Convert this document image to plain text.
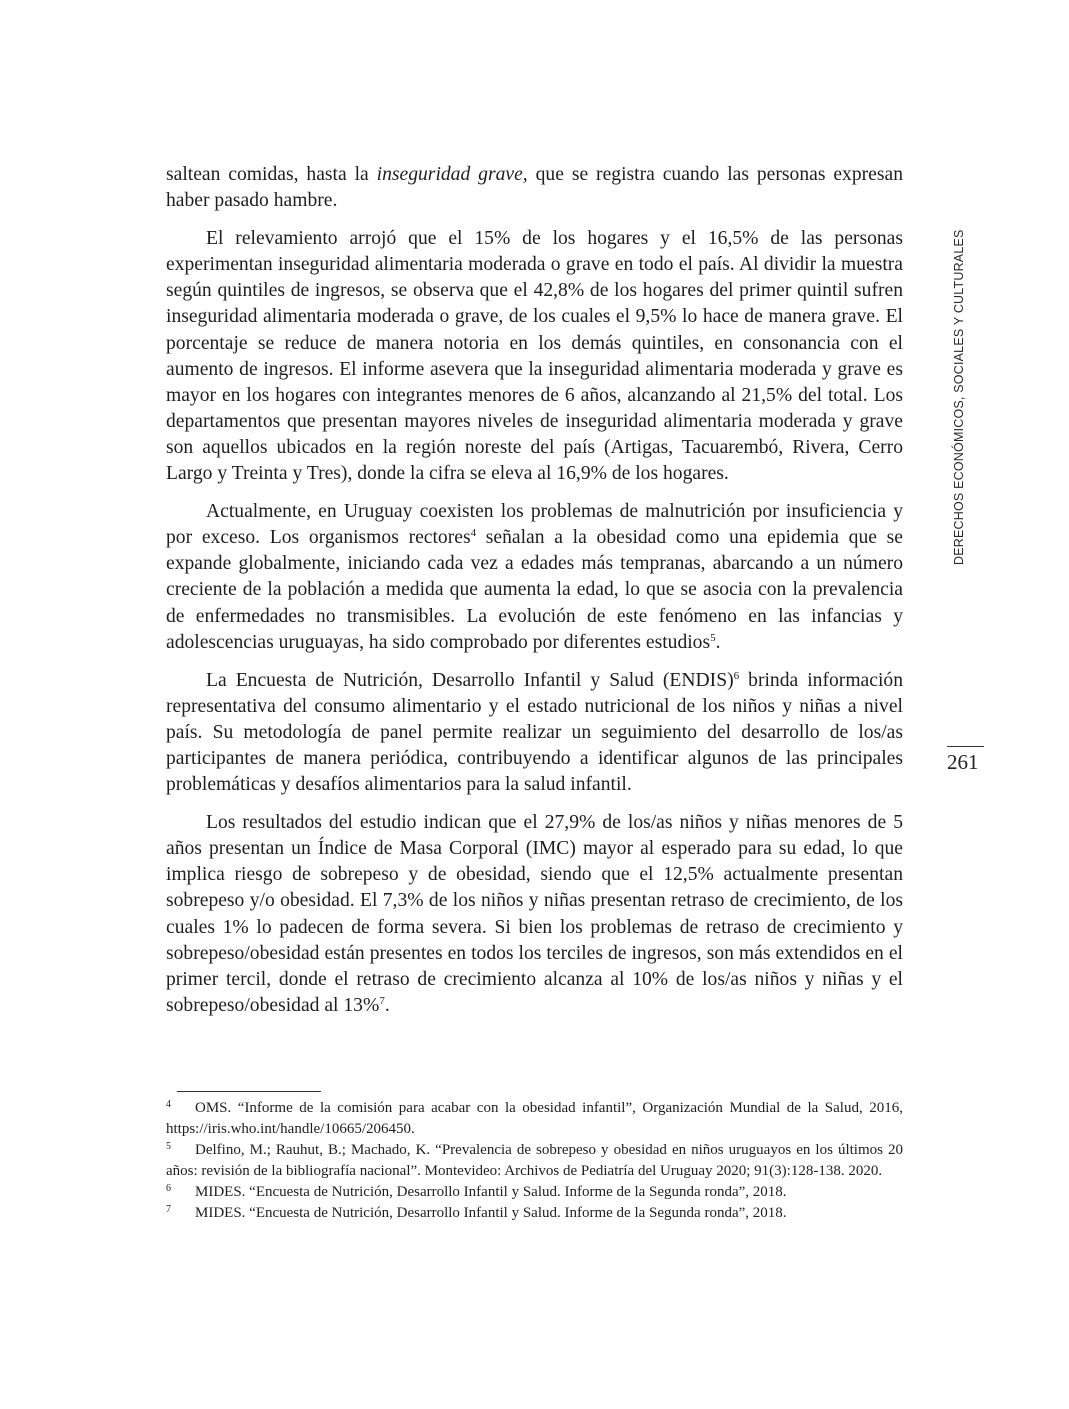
DERECHOS ECONÓMICOS, SOCIALES Y CULTURALES
261

saltean comidas, hasta la inseguridad grave, que se registra cuando las personas expresan haber pasado hambre.

El relevamiento arrojó que el 15% de los hogares y el 16,5% de las personas experimentan inseguridad alimentaria moderada o grave en todo el país. Al dividir la muestra según quintiles de ingresos, se observa que el 42,8% de los hogares del primer quintil sufren inseguridad alimentaria moderada o grave, de los cuales el 9,5% lo hace de manera grave. El porcentaje se reduce de manera notoria en los demás quintiles, en consonancia con el aumento de ingresos. El informe asevera que la inseguridad alimentaria moderada y grave es mayor en los hogares con integrantes menores de 6 años, alcanzando al 21,5% del total. Los departamentos que presentan mayores niveles de inseguridad alimentaria moderada y grave son aquellos ubicados en la región noreste del país (Artigas, Tacuarembó, Rivera, Cerro Largo y Treinta y Tres), donde la cifra se eleva al 16,9% de los hogares.

Actualmente, en Uruguay coexisten los problemas de malnutrición por insuficiencia y por exceso. Los organismos rectores$^4$ señalan a la obesidad como una epidemia que se expande globalmente, iniciando cada vez a edades más tempranas, abarcando a un número creciente de la población a medida que aumenta la edad, lo que se asocia con la prevalencia de enfermedades no transmisibles. La evolución de este fenómeno en las infancias y adolescencias uruguayas, ha sido comprobado por diferentes estudios$^5$.

La Encuesta de Nutrición, Desarrollo Infantil y Salud (ENDIS)$^6$ brinda información representativa del consumo alimentario y el estado nutricional de los niños y niñas a nivel país. Su metodología de panel permite realizar un seguimiento del desarrollo de los/as participantes de manera periódica, contribuyendo a identificar algunos de las principales problemáticas y desafíos alimentarios para la salud infantil.

Los resultados del estudio indican que el 27,9% de los/as niños y niñas menores de 5 años presentan un Índice de Masa Corporal (IMC) mayor al esperado para su edad, lo que implica riesgo de sobrepeso y de obesidad, siendo que el 12,5% actualmente presentan sobrepeso y/o obesidad. El 7,3% de los niños y niñas presentan retraso de crecimiento, de los cuales 1% lo padecen de forma severa. Si bien los problemas de retraso de crecimiento y sobrepeso/obesidad están presentes en todos los terciles de ingresos, son más extendidos en el primer tercil, donde el retraso de crecimiento alcanza al 10% de los/as niños y niñas y el sobrepeso/obesidad al 13%$^7$.

4 OMS. “Informe de la comisión para acabar con la obesidad infantil”, Organización Mundial de la Salud, 2016, https://iris.who.int/handle/10665/206450.

5 Delfino, M.; Rauhut, B.; Machado, K. “Prevalencia de sobrepeso y obesidad en niños uruguayos en los últimos 20 años: revisión de la bibliografía nacional”. Montevideo: Archivos de Pediatría del Uruguay 2020; 91(3):128-138. 2020.

6 MIDES. “Encuesta de Nutrición, Desarrollo Infantil y Salud. Informe de la Segunda ronda”, 2018.

7 MIDES. “Encuesta de Nutrición, Desarrollo Infantil y Salud. Informe de la Segunda ronda”, 2018.
